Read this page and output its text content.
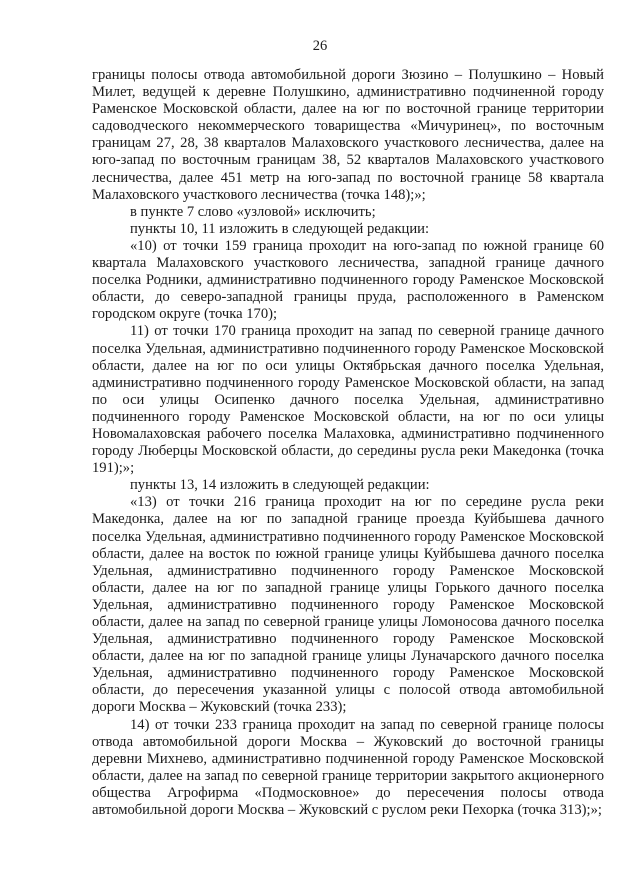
26

границы полосы отвода автомобильной дороги Зюзино – Полушкино – Новый Милет, ведущей к деревне Полушкино, административно подчиненной городу Раменское Московской области, далее на юг по восточной границе территории садоводческого некоммерческого товарищества «Мичуринец», по восточным границам 27, 28, 38 кварталов Малаховского участкового лесничества, далее на юго-запад по восточным границам 38, 52 кварталов Малаховского участкового лесничества, далее 451 метр на юго-запад по восточной границе 58 квартала Малаховского участкового лесничества (точка 148);»;

в пункте 7 слово «узловой» исключить;

пункты 10, 11 изложить в следующей редакции:

«10) от точки 159 граница проходит на юго-запад по южной границе 60 квартала Малаховского участкового лесничества, западной границе дачного поселка Родники, административно подчиненного городу Раменское Московской области, до северо-западной границы пруда, расположенного в Раменском городском округе (точка 170);

11) от точки 170 граница проходит на запад по северной границе дачного поселка Удельная, административно подчиненного городу Раменское Московской области, далее на юг по оси улицы Октябрьская дачного поселка Удельная, административно подчиненного городу Раменское Московской области, на запад по оси улицы Осипенко дачного поселка Удельная, административно подчиненного городу Раменское Московской области, на юг по оси улицы Новомалаховская рабочего поселка Малаховка, административно подчиненного городу Люберцы Московской области, до середины русла реки Македонка (точка 191);»;

пункты 13, 14 изложить в следующей редакции:

«13) от точки 216 граница проходит на юг по середине русла реки Македонка, далее на юг по западной границе проезда Куйбышева дачного поселка Удельная, административно подчиненного городу Раменское Московской области, далее на восток по южной границе улицы Куйбышева дачного поселка Удельная, административно подчиненного городу Раменское Московской области, далее на юг по западной границе улицы Горького дачного поселка Удельная, административно подчиненного городу Раменское Московской области, далее на запад по северной границе улицы Ломоносова дачного поселка Удельная, административно подчиненного городу Раменское Московской области, далее на юг по западной границе улицы Луначарского дачного поселка Удельная, административно подчиненного городу Раменское Московской области, до пересечения указанной улицы с полосой отвода автомобильной дороги Москва – Жуковский (точка 233);

14) от точки 233 граница проходит на запад по северной границе полосы отвода автомобильной дороги Москва – Жуковский до восточной границы деревни Михнево, административно подчиненной городу Раменское Московской области, далее на запад по северной границе территории закрытого акционерного общества Агрофирма «Подмосковное» до пересечения полосы отвода автомобильной дороги Москва – Жуковский с руслом реки Пехорка (точка 313);»;
